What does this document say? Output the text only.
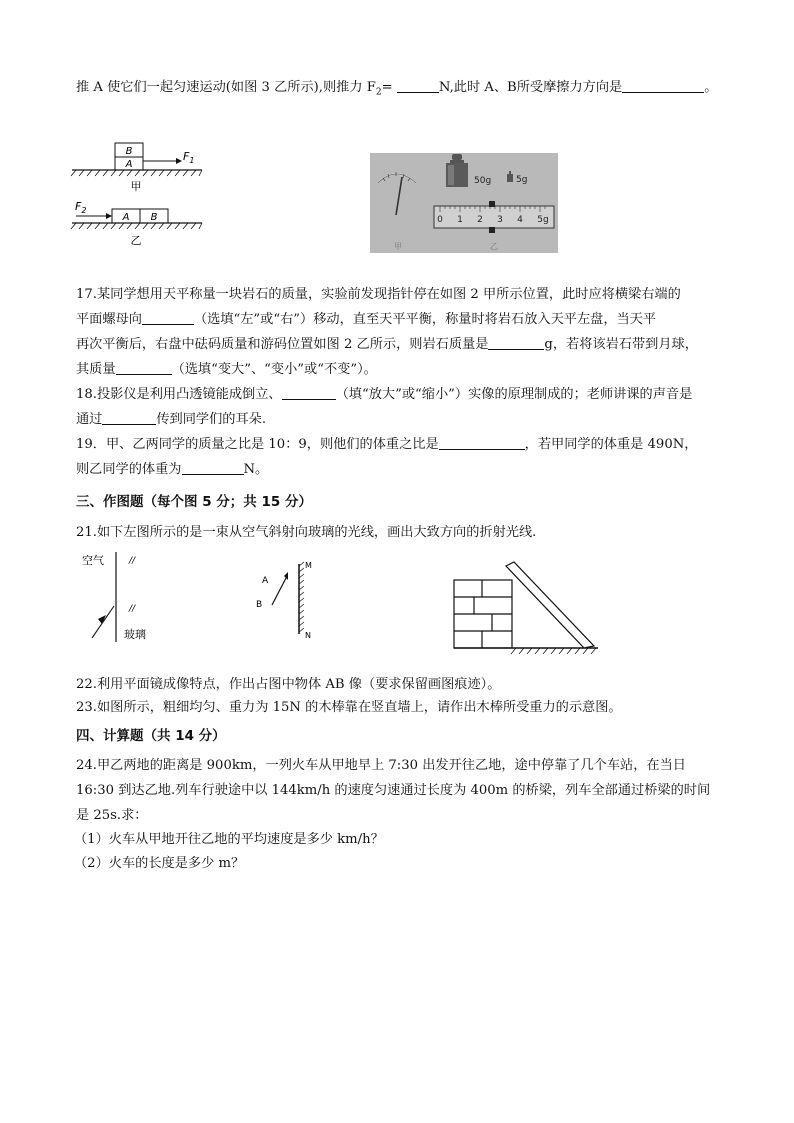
推 A 使它们一起匀速运动(如图 3 乙所示),则推力 $F_2=$	N,此时 A、B所受摩擦力方向是	。
B
A
$F_1$
甲
$F_2$
A B
乙
50g	5g
0 1 2 3 4 5g
甲	乙
17.某同学想用天平称量一块岩石的质量，实验前发现指针停在如图 2 甲所示位置，此时应将横梁右端的
平面螺母向	（选填“左”或“右”）移动，直至天平平衡，称量时将岩石放入天平左盘，当天平
再次平衡后，右盘中砝码质量和游码位置如图 2 乙所示，则岩石质量是	g，若将该岩石带到月球，
其质量	（选填“变大”、“变小”或“不变”）。
18.投影仪是利用凸透镜能成倒立、	（填“放大”或“缩小”）实像的原理制成的；老师讲课的声音是
通过	传到同学们的耳朵.
19．甲、乙两同学的质量之比是 10：9，则他们的体重之比是	，若甲同学的体重是 490N，
则乙同学的体重为	N。
三、作图题（每个图 5 分；共 15 分）
21.如下左图所示的是一束从空气斜射向玻璃的光线，画出大致方向的折射光线.
空气	//
//
玻璃
A
B
M
N
22.利用平面镜成像特点，作出占图中物体 AB 像（要求保留画图痕迹）。
23.如图所示，粗细均匀、重力为 15N 的木棒靠在竖直墙上，请作出木棒所受重力的示意图。
四、计算题（共 14 分）
24.甲乙两地的距离是 900km，一列火车从甲地早上 7:30 出发开往乙地，途中停靠了几个车站，在当日
16:30 到达乙地.列车行驶途中以 144km/h 的速度匀速通过长度为 400m 的桥梁，列车全部通过桥梁的时间
是 25s.求：
（1）火车从甲地开往乙地的平均速度是多少 km/h？
（2）火车的长度是多少 m？
